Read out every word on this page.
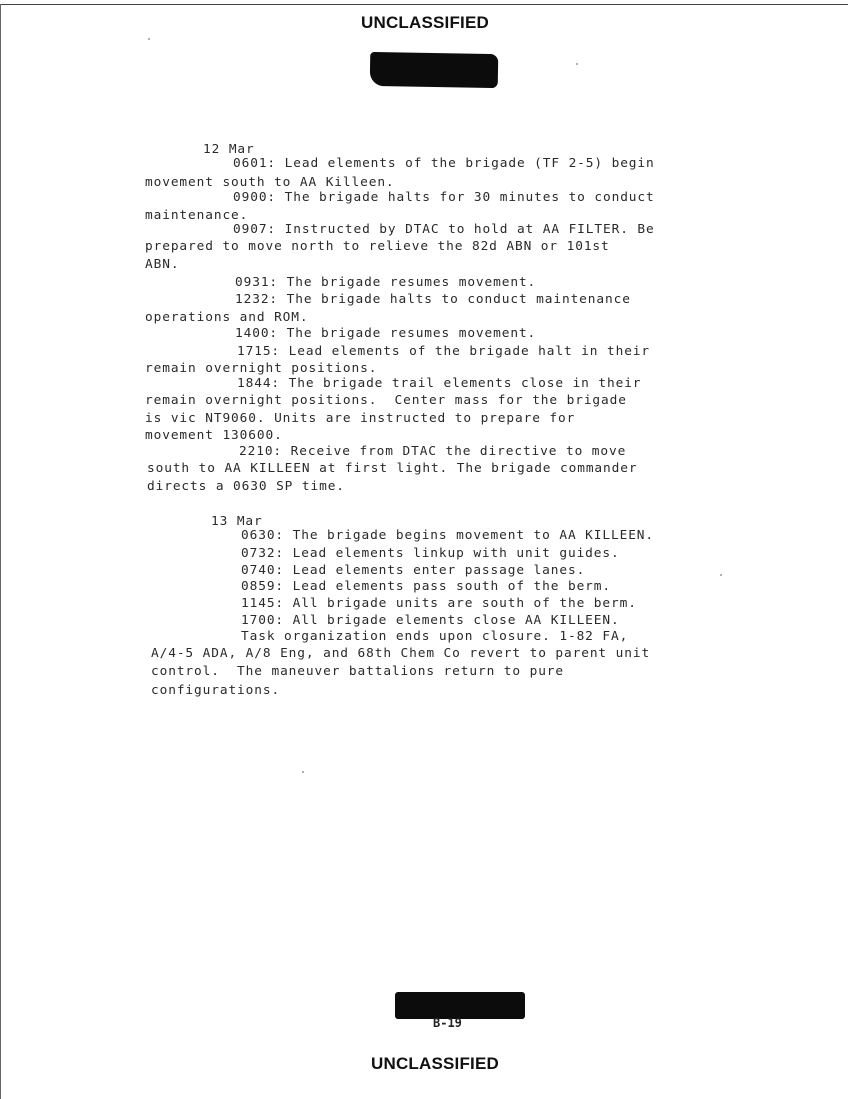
UNCLASSIFIED
12 Mar
0601: Lead elements of the brigade (TF 2-5) begin
movement south to AA Killeen.
0900: The brigade halts for 30 minutes to conduct
maintenance.
0907: Instructed by DTAC to hold at AA FILTER. Be
prepared to move north to relieve the 82d ABN or 101st
ABN.
0931: The brigade resumes movement.
1232: The brigade halts to conduct maintenance
operations and ROM.
1400: The brigade resumes movement.
1715: Lead elements of the brigade halt in their
remain overnight positions.
1844: The brigade trail elements close in their
remain overnight positions.  Center mass for the brigade
is vic NT9060. Units are instructed to prepare for
movement 130600.
2210: Receive from DTAC the directive to move
south to AA KILLEEN at first light. The brigade commander
directs a 0630 SP time.
13 Mar
0630: The brigade begins movement to AA KILLEEN.
0732: Lead elements linkup with unit guides.
0740: Lead elements enter passage lanes.
0859: Lead elements pass south of the berm.
1145: All brigade units are south of the berm.
1700: All brigade elements close AA KILLEEN.
Task organization ends upon closure. 1-82 FA,
A/4-5 ADA, A/8 Eng, and 68th Chem Co revert to parent unit
control.  The maneuver battalions return to pure
configurations.
B-19
UNCLASSIFIED
